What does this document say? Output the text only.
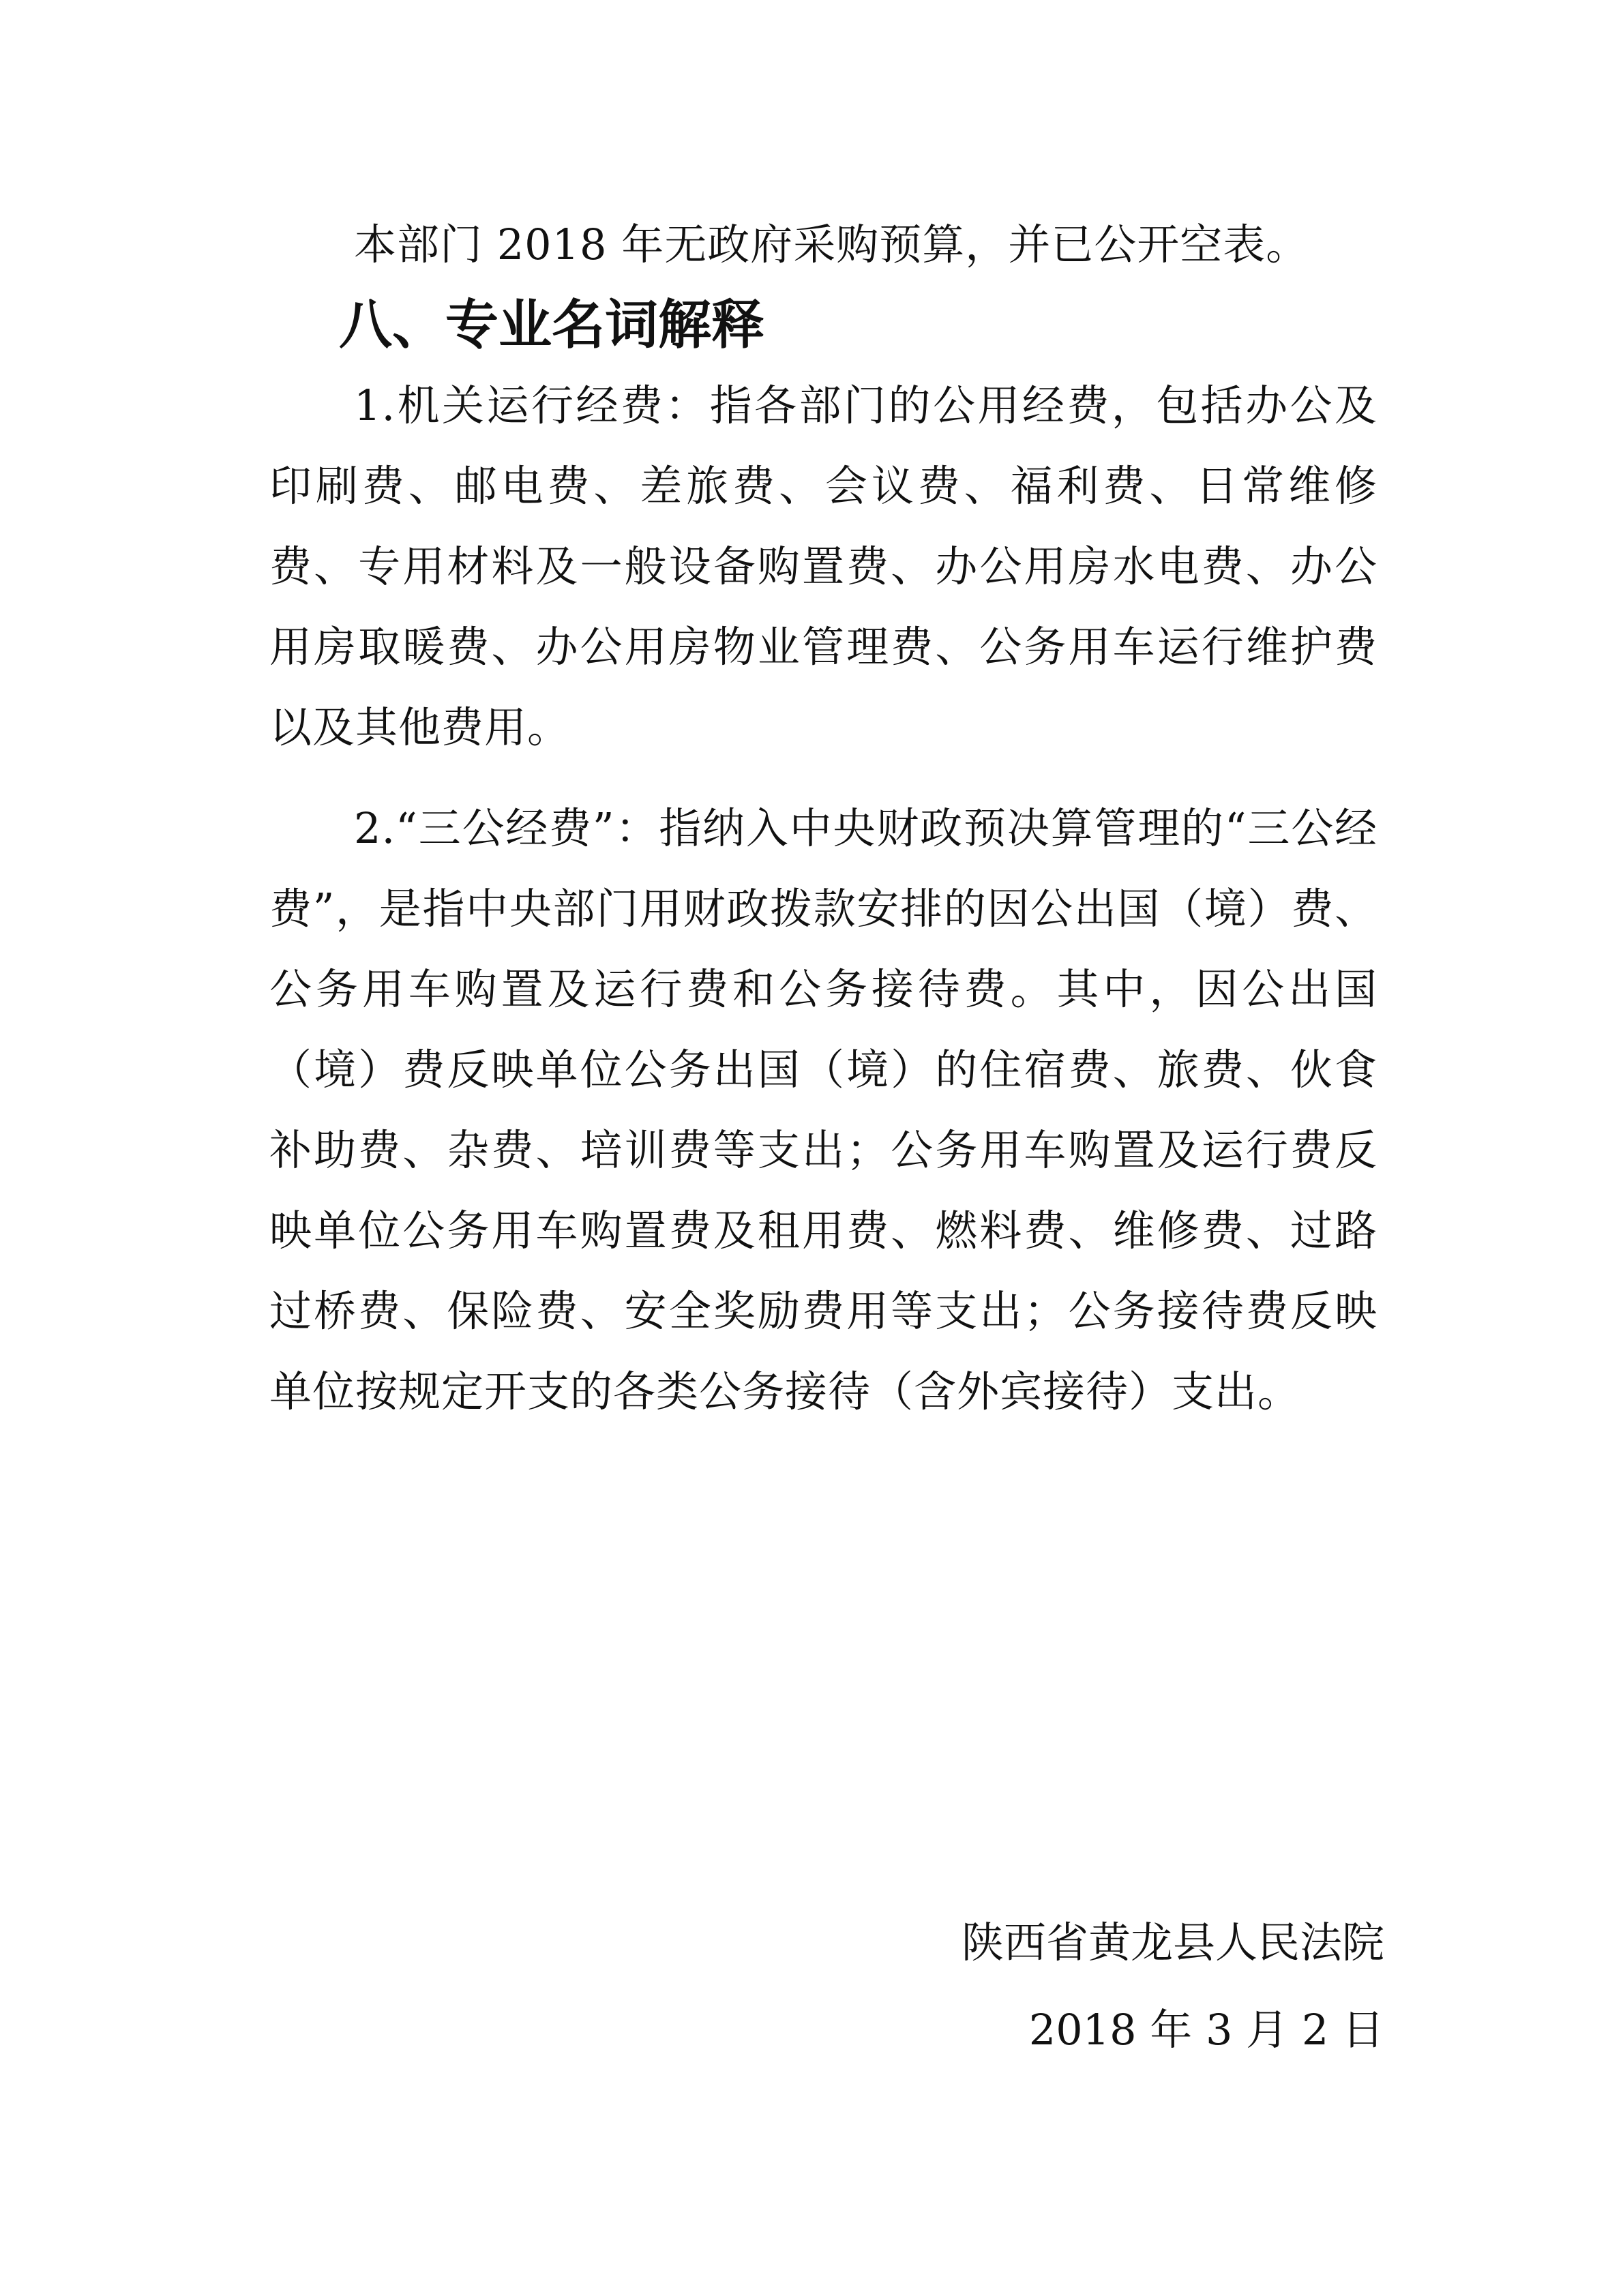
本部门 2018 年无政府采购预算，并已公开空表。

八、专业名词解释

1.机关运行经费：指各部门的公用经费，包括办公及印刷费、邮电费、差旅费、会议费、福利费、日常维修费、专用材料及一般设备购置费、办公用房水电费、办公用房取暖费、办公用房物业管理费、公务用车运行维护费以及其他费用。

2.“三公经费”：指纳入中央财政预决算管理的“三公经费”，是指中央部门用财政拨款安排的因公出国（境）费、公务用车购置及运行费和公务接待费。其中，因公出国（境）费反映单位公务出国（境）的住宿费、旅费、伙食补助费、杂费、培训费等支出；公务用车购置及运行费反映单位公务用车购置费及租用费、燃料费、维修费、过路过桥费、保险费、安全奖励费用等支出；公务接待费反映单位按规定开支的各类公务接待（含外宾接待）支出。

陕西省黄龙县人民法院
2018 年 3 月 2 日
